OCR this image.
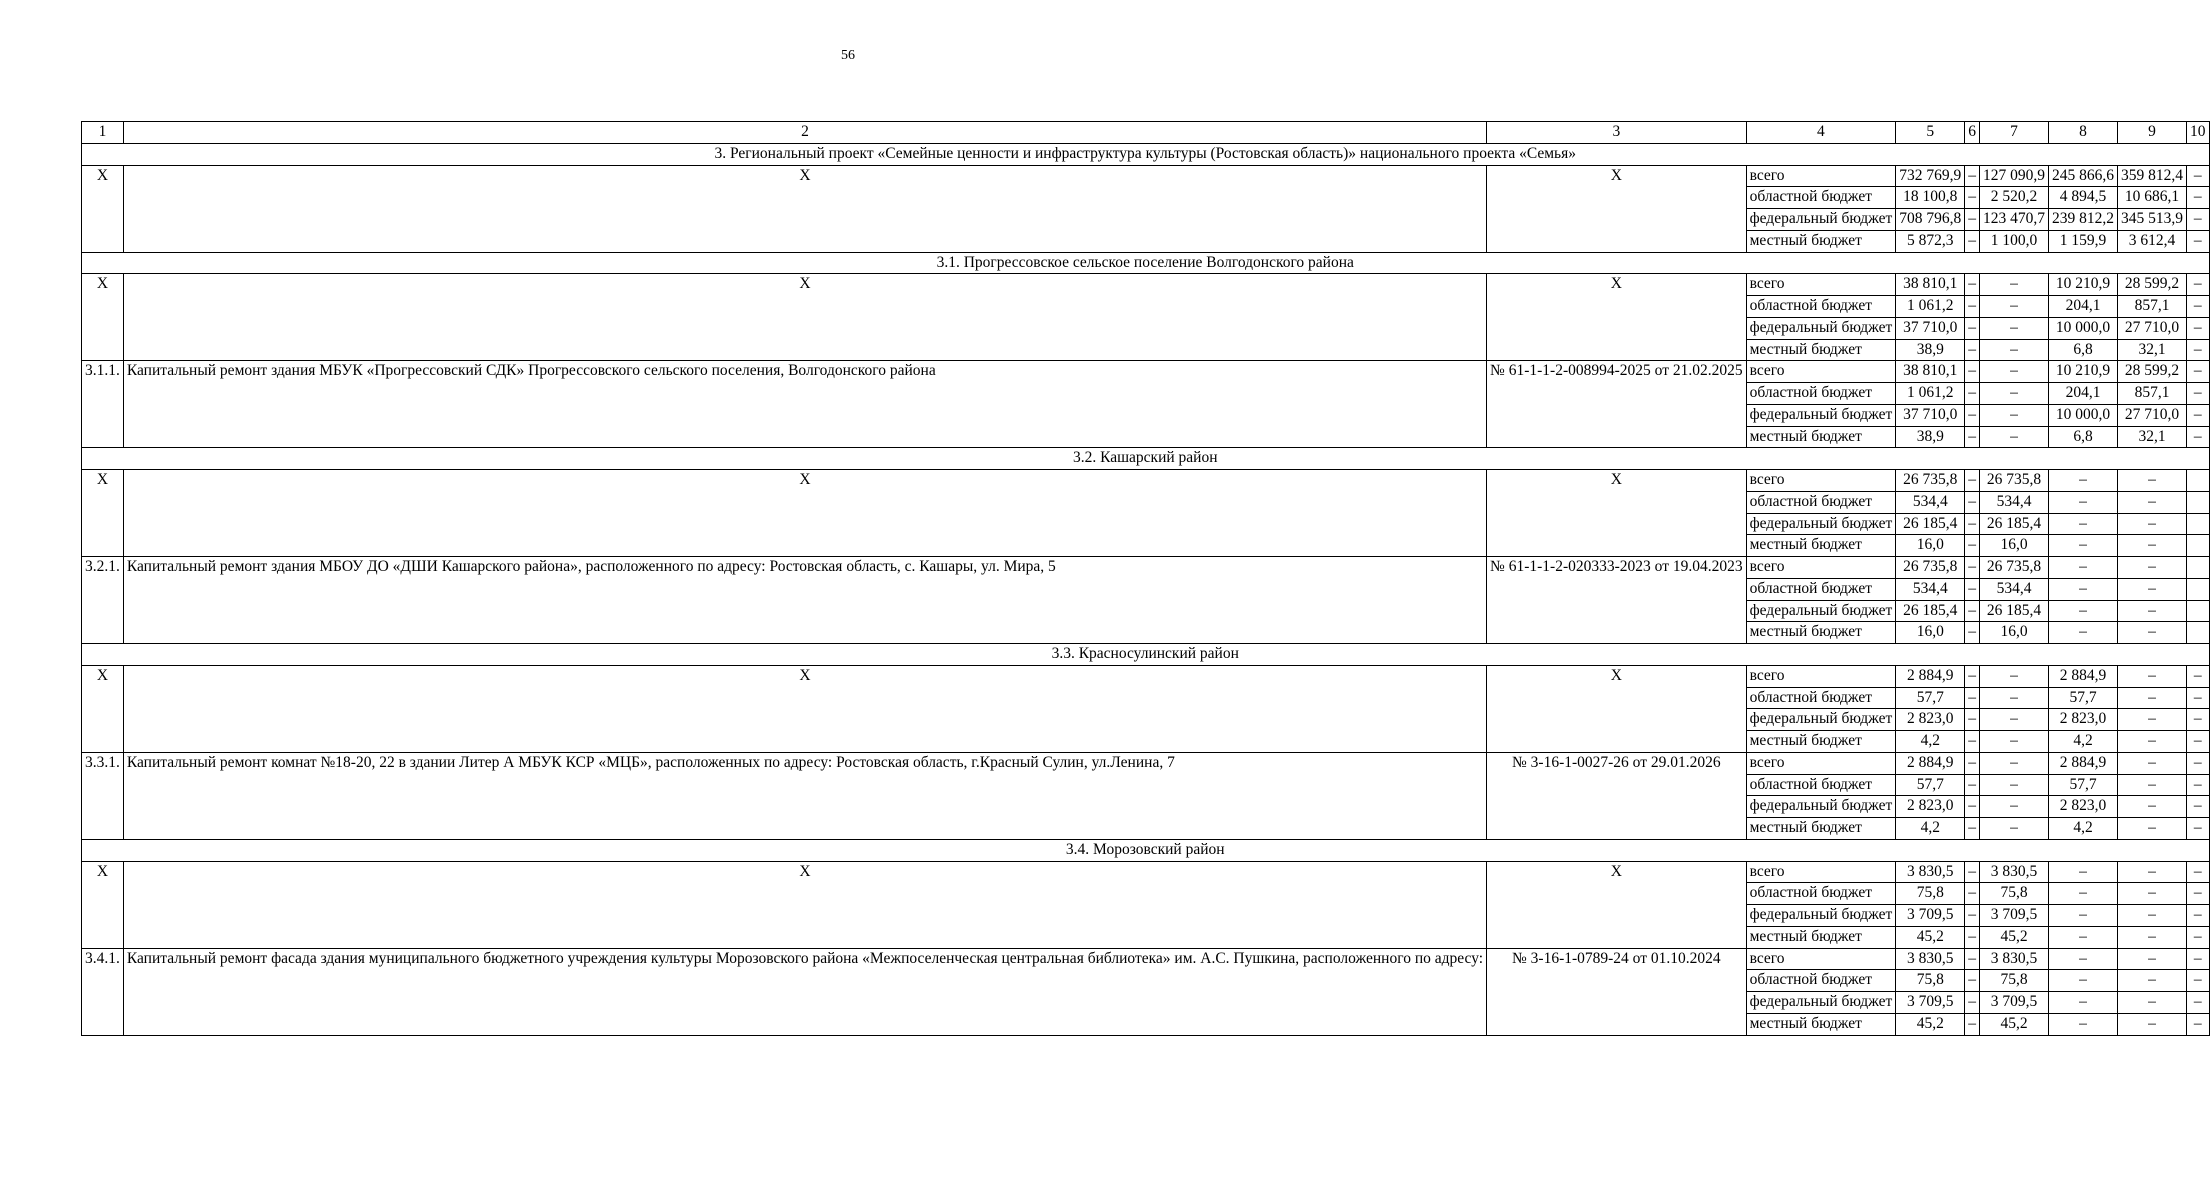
56
1	2	3	4	5	6	7	8	9	10
3. Региональный проект «Семейные ценности и инфраструктура культуры (Ростовская область)» национального проекта «Семья»									
X	X	X	всего	732 769,9	–	127 090,9	245 866,6	359 812,4	–
			областной бюджет	18 100,8	–	2 520,2	4 894,5	10 686,1	–
			федеральный бюджет	708 796,8	–	123 470,7	239 812,2	345 513,9	–
			местный бюджет	5 872,3	–	1 100,0	1 159,9	3 612,4	–
3.1. Прогрессовское сельское поселение Волгодонского района									
X	X	X	всего	38 810,1	–	–	10 210,9	28 599,2	–
			областной бюджет	1 061,2	–	–	204,1	857,1	–
			федеральный бюджет	37 710,0	–	–	10 000,0	27 710,0	–
			местный бюджет	38,9	–	–	6,8	32,1	–
3.1.1.	Капитальный ремонт здания МБУК «Прогрессовский СДК» Прогрессовского сельского поселения, Волгодонского района	№ 61-1-1-2-008994-2025 от 21.02.2025	всего	38 810,1	–	–	10 210,9	28 599,2	–
			областной бюджет	1 061,2	–	–	204,1	857,1	–
			федеральный бюджет	37 710,0	–	–	10 000,0	27 710,0	–
			местный бюджет	38,9	–	–	6,8	32,1	–
3.2. Кашарский район									
X	X	X	всего	26 735,8	–	26 735,8	–	–	
			областной бюджет	534,4	–	534,4	–	–	
			федеральный бюджет	26 185,4	–	26 185,4	–	–	
			местный бюджет	16,0	–	16,0	–	–	
3.2.1.	Капитальный ремонт здания МБОУ ДО «ДШИ Кашарского района», расположенного по адресу: Ростовская область, с. Кашары, ул. Мира, 5	№ 61-1-1-2-020333-2023 от 19.04.2023	всего	26 735,8	–	26 735,8	–	–	
			областной бюджет	534,4	–	534,4	–	–	
			федеральный бюджет	26 185,4	–	26 185,4	–	–	
			местный бюджет	16,0	–	16,0	–	–	
3.3. Красносулинский район									
X	X	X	всего	2 884,9	–	–	2 884,9	–	–
			областной бюджет	57,7	–	–	57,7	–	–
			федеральный бюджет	2 823,0	–	–	2 823,0	–	–
			местный бюджет	4,2	–	–	4,2	–	–
3.3.1.	Капитальный ремонт комнат №18-20, 22 в здании Литер А МБУК КСР «МЦБ», расположенных по адресу: Ростовская область, г.Красный Сулин, ул.Ленина, 7	№ 3-16-1-0027-26 от 29.01.2026	всего	2 884,9	–	–	2 884,9	–	–
			областной бюджет	57,7	–	–	57,7	–	–
			федеральный бюджет	2 823,0	–	–	2 823,0	–	–
			местный бюджет	4,2	–	–	4,2	–	–
3.4. Морозовский район									
X	X	X	всего	3 830,5	–	3 830,5	–	–	–
			областной бюджет	75,8	–	75,8	–	–	–
			федеральный бюджет	3 709,5	–	3 709,5	–	–	–
			местный бюджет	45,2	–	45,2	–	–	–
3.4.1.	Капитальный ремонт фасада здания муниципального бюджетного учреждения культуры Морозовского района «Межпоселенческая центральная библиотека» им. А.С. Пушкина, расположенного по адресу:	№ 3-16-1-0789-24 от 01.10.2024	всего	3 830,5	–	3 830,5	–	–	–
			областной бюджет	75,8	–	75,8	–	–	–
			федеральный бюджет	3 709,5	–	3 709,5	–	–	–
			местный бюджет	45,2	–	45,2	–	–	–
